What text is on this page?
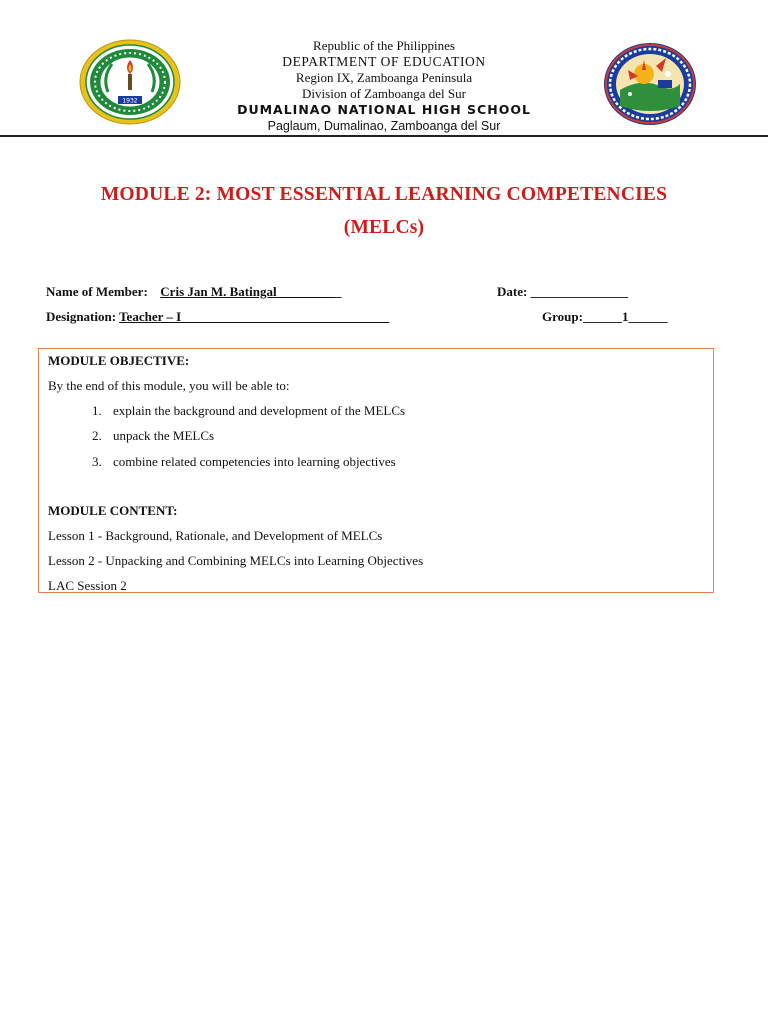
1932
Republic of the Philippines
DEPARTMENT OF EDUCATION
Region IX, Zamboanga Peninsula
Division of Zamboanga del Sur
DUMALINAO NATIONAL HIGH SCHOOL
Paglaum, Dumalinao, Zamboanga del Sur
MODULE 2: MOST ESSENTIAL LEARNING COMPETENCIES
(MELCs)
Name of Member: Cris Jan M. Batingal__________	Date: _______________
Designation: Teacher – I________________________________	Group:______1______
MODULE OBJECTIVE:
By the end of this module, you will be able to:
1. explain the background and development of the MELCs
2. unpack the MELCs
3. combine related competencies into learning objectives
MODULE CONTENT:
Lesson 1 - Background, Rationale, and Development of MELCs
Lesson 2 - Unpacking and Combining MELCs into Learning Objectives
LAC Session 2
